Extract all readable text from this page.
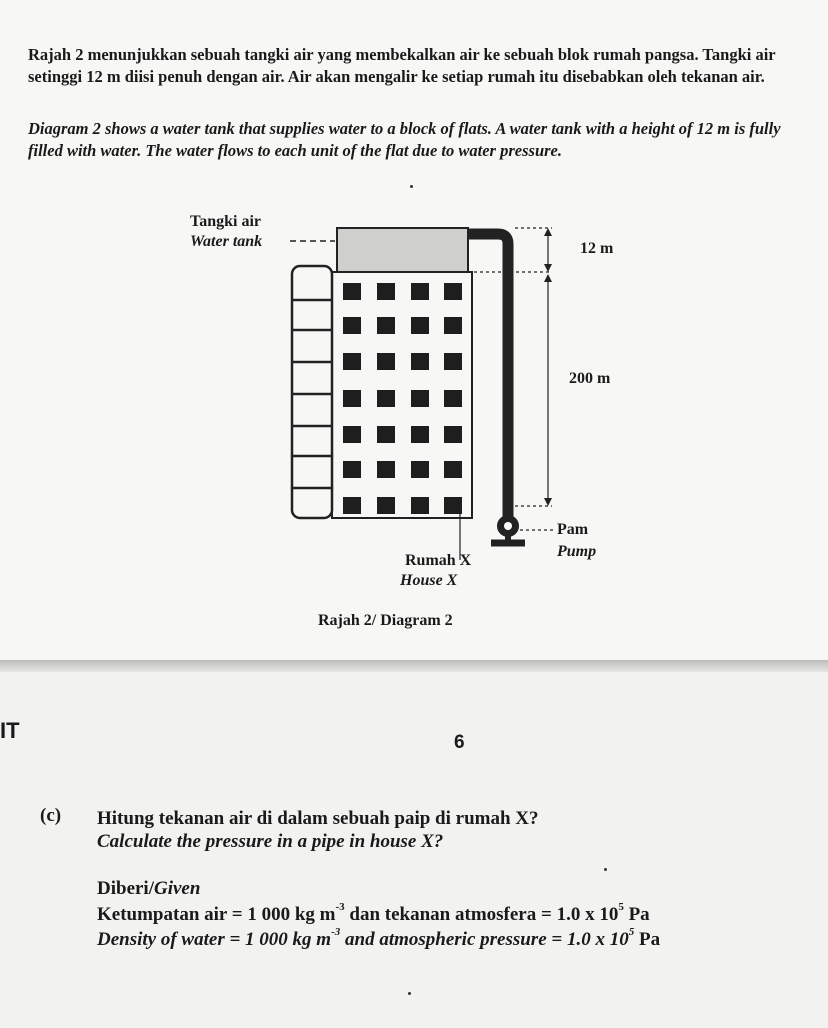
Rajah 2 menunjukkan sebuah tangki air yang membekalkan air ke sebuah blok rumah pangsa. Tangki air setinggi 12 m diisi penuh dengan air. Air akan mengalir ke setiap rumah itu disebabkan oleh tekanan air.

Diagram 2 shows a water tank that supplies water to a block of flats. A water tank with a height of 12 m is fully filled with water. The water flows to each unit of the flat due to water pressure.

Tangki air
Water tank	12 m
200 m
Pam
Pump
Rumah X
House X
Rajah 2/ Diagram 2
IT	6
(c) Hitung tekanan air di dalam sebuah paip di rumah X?
Calculate the pressure in a pipe in house X?
Diberi/Given
Ketumpatan air = 1 000 kg $m^{-3}$ dan tekanan atmosfera = 1.0 x $10^5$ Pa
Density of water = 1 000 kg $m^{-3}$ and atmospheric pressure = 1.0 x $10^5$ Pa
